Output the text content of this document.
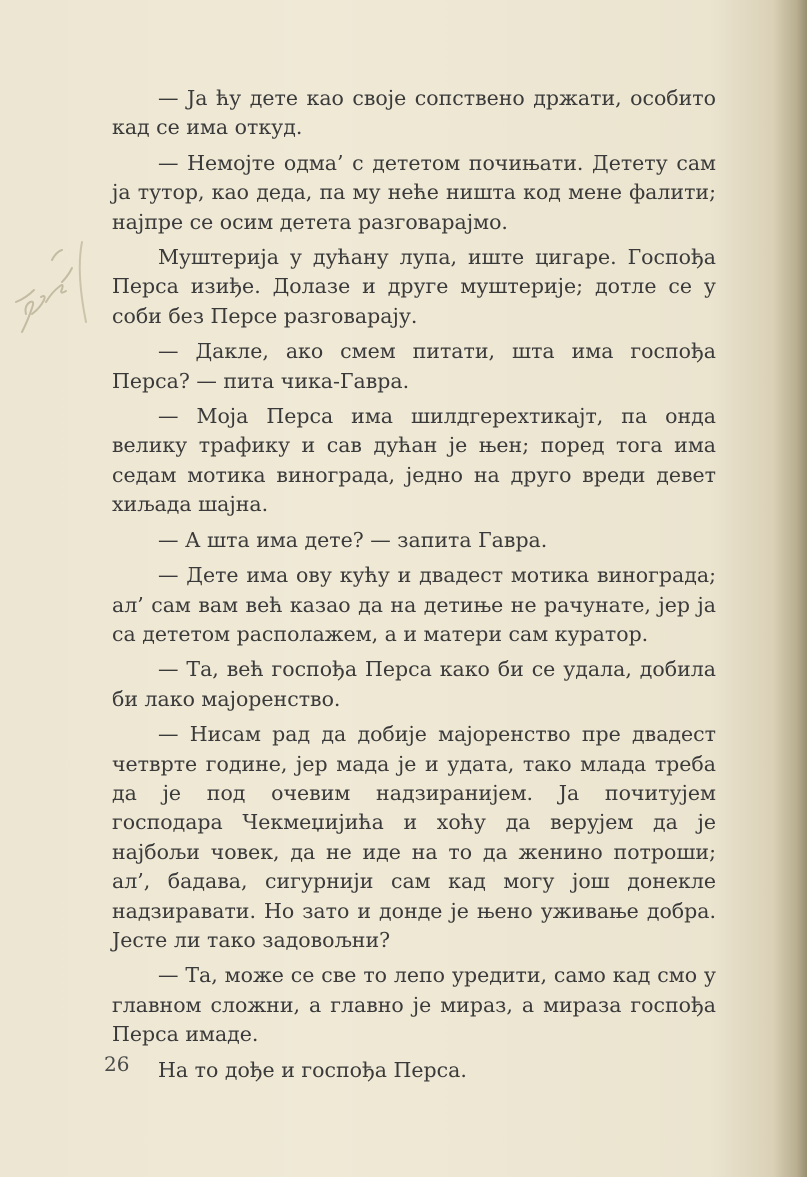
— Ја ћу дете као своје сопствено држати, особито кад се има откуд.

— Немојте одма’ с дететом почињати. Детету сам ја тутор, као деда, па му неће ништа код мене фалити; најпре се осим детета разговарајмо.

Муштерија у дућану лупа, иште цигаре. Госпођа Перса изиђе. Долазе и друге муштерије; дотле се у соби без Персе разговарају.

— Дакле, ако смем питати, шта има госпођа Перса? — пита чика-Гавра.

— Моја Перса има шилдгерехтикајт, па онда велику трафику и сав дућан је њен; поред тога има седам мотика винограда, једно на друго вреди девет хиљада шајна.

— А шта има дете? — запита Гавра.

— Дете има ову кућу и двадест мотика винограда; ал’ сам вам већ казао да на детиње не рачунате, јер ја са дететом располажем, а и матери сам куратор.

— Та, већ госпођа Перса како би се удала, добила би лако мајоренство.

— Нисам рад да добије мајоренство пре двадест четврте године, јер мада је и удата, тако млада треба да је под очевим надзиранијем. Ја почитујем господара Чекмеџијића и хоћу да верујем да је најбољи човек, да не иде на то да женино потроши; ал’, бадава, сигурнији сам кад могу још донекле надзиравати. Но зато и донде је њено уживање добра. Јесте ли тако задовољни?

— Та, може се све то лепо уредити, само кад смо у главном сложни, а главно је мираз, а мираза госпођа Перса имаде.

На то дође и госпођа Перса.

26
